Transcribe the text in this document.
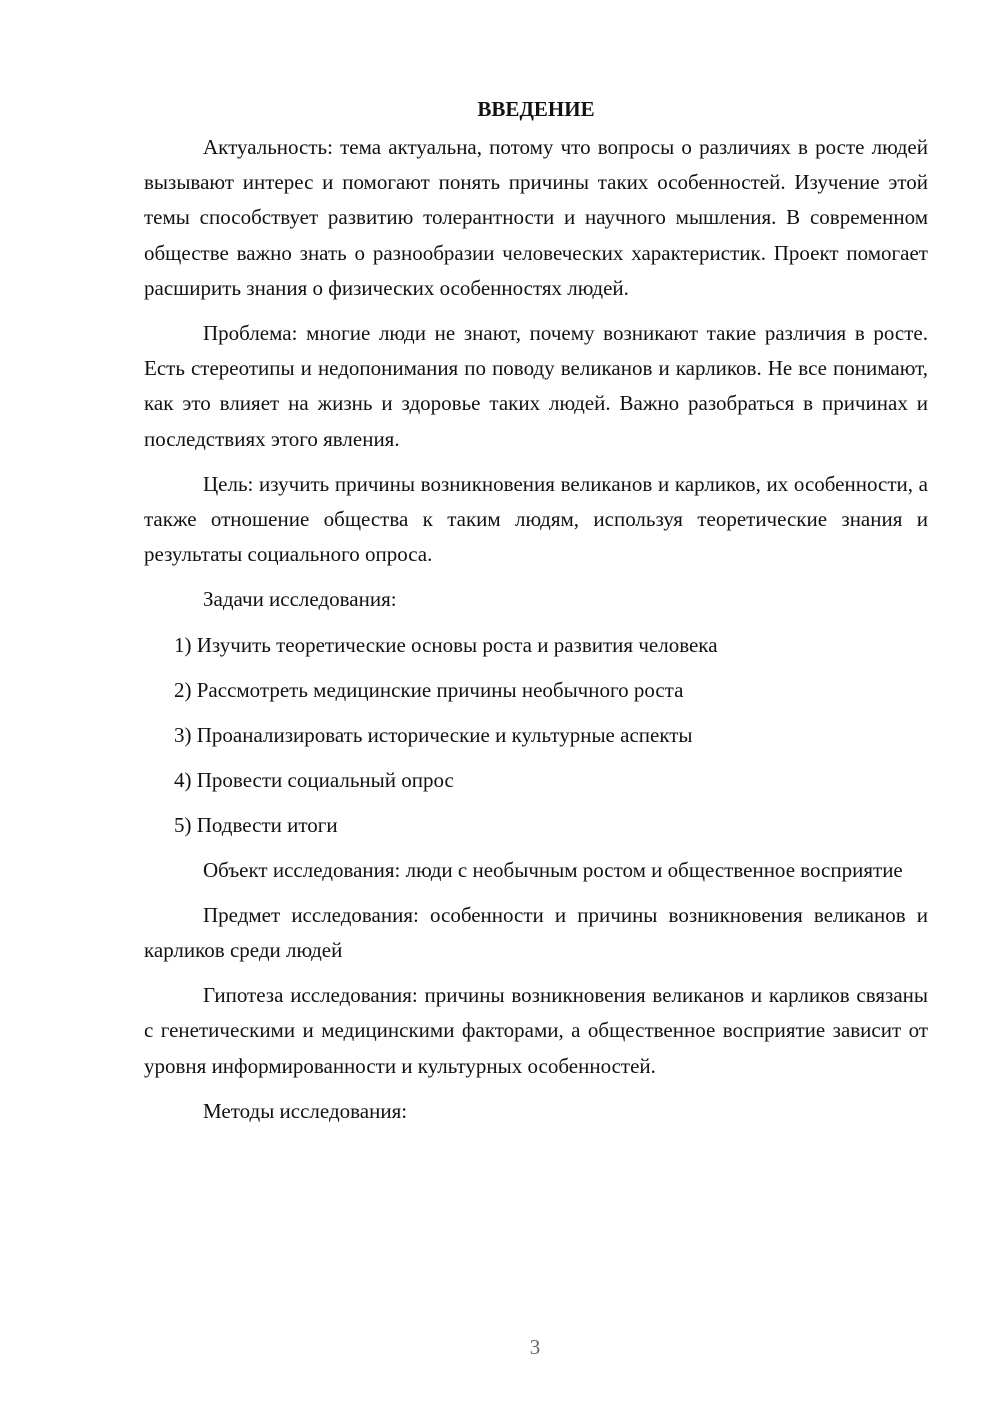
ВВЕДЕНИЕ

Актуальность: тема актуальна, потому что вопросы о различиях в росте людей вызывают интерес и помогают понять причины таких особенностей. Изучение этой темы способствует развитию толерантности и научного мышления. В современном обществе важно знать о разнообразии человеческих характеристик. Проект помогает расширить знания о физических особенностях людей.

Проблема: многие люди не знают, почему возникают такие различия в росте. Есть стереотипы и недопонимания по поводу великанов и карликов. Не все понимают, как это влияет на жизнь и здоровье таких людей. Важно разобраться в причинах и последствиях этого явления.

Цель: изучить причины возникновения великанов и карликов, их особенности, а также отношение общества к таким людям, используя теоретические знания и результаты социального опроса.

Задачи исследования:

1) Изучить теоретические основы роста и развития человека
2) Рассмотреть медицинские причины необычного роста
3) Проанализировать исторические и культурные аспекты
4) Провести социальный опрос
5) Подвести итоги

Объект исследования: люди с необычным ростом и общественное восприятие

Предмет исследования: особенности и причины возникновения великанов и карликов среди людей

Гипотеза исследования: причины возникновения великанов и карликов связаны с генетическими и медицинскими факторами, а общественное восприятие зависит от уровня информированности и культурных особенностей.

Методы исследования:

3
